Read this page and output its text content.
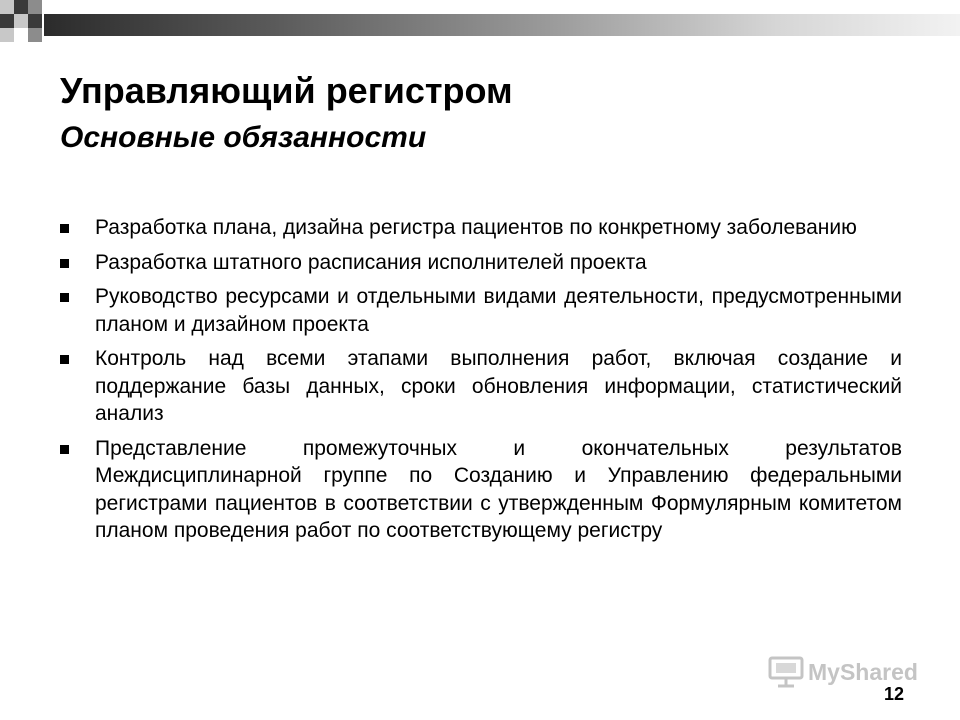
Управляющий регистром
Основные обязанности
Разработка плана, дизайна регистра пациентов по конкретному заболеванию
Разработка штатного расписания исполнителей проекта
Руководство ресурсами и отдельными видами деятельности, предусмотренными планом и дизайном проекта
Контроль над всеми этапами выполнения работ, включая создание и поддержание базы данных, сроки обновления информации, статистический анализ
Представление промежуточных и окончательных результатов Междисциплинарной группе по Созданию и Управлению федеральными регистрами пациентов в соответствии с утвержденным Формулярным комитетом планом проведения работ по соответствующему регистру
MyShared
12
